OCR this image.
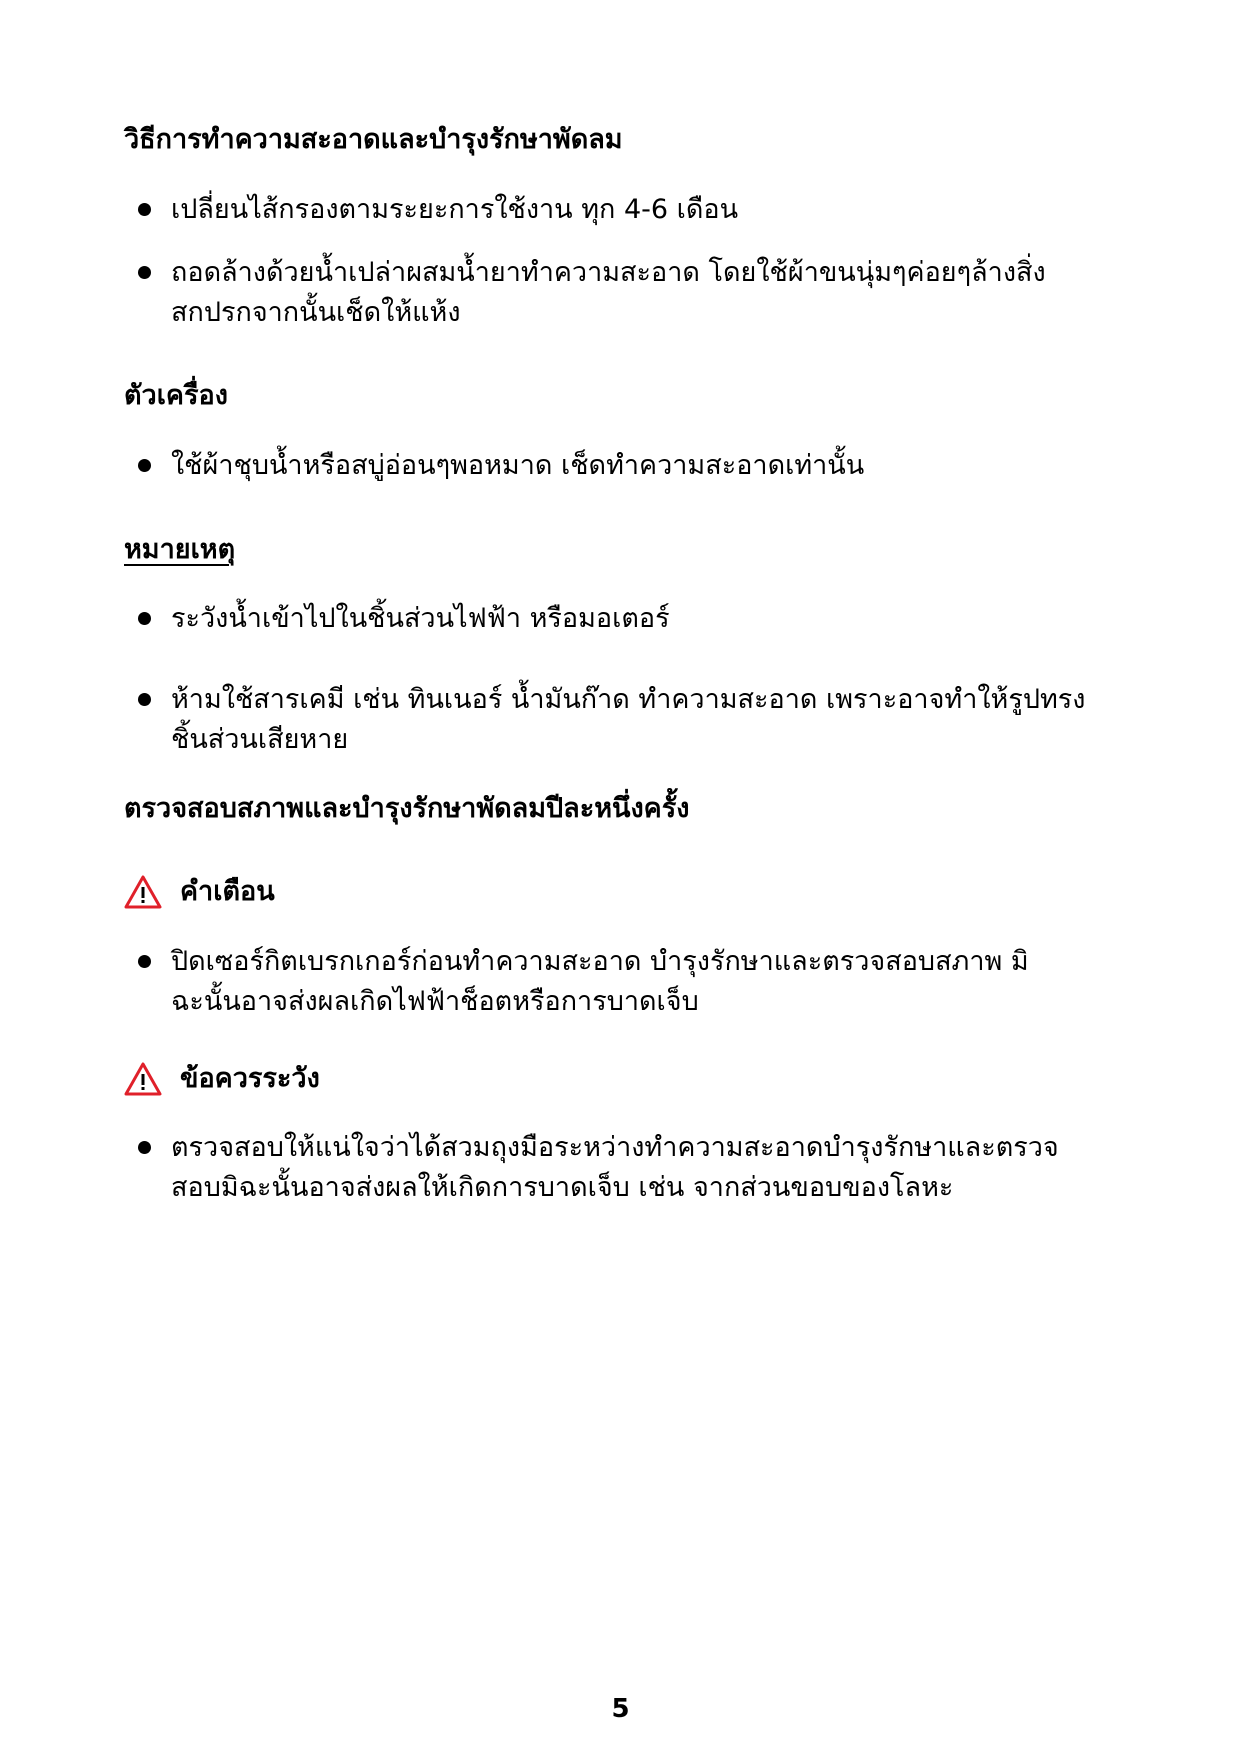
วิธีการทำความสะอาดและบำรุงรักษาพัดลม
เปลี่ยนไส้กรองตามระยะการใช้งาน ทุก 4-6 เดือน
ถอดล้างด้วยน้ำเปล่าผสมน้ำยาทำความสะอาด โดยใช้ผ้าขนนุ่มๆค่อยๆล้างสิ่งสกปรกจากนั้นเช็ดให้แห้ง
ตัวเครื่อง
ใช้ผ้าชุบน้ำหรือสบู่อ่อนๆพอหมาด เช็ดทำความสะอาดเท่านั้น
หมายเหตุ
ระวังน้ำเข้าไปในชิ้นส่วนไฟฟ้า หรือมอเตอร์
ห้ามใช้สารเคมี เช่น ทินเนอร์ น้ำมันก๊าด ทำความสะอาด เพราะอาจทำให้รูปทรงชิ้นส่วนเสียหาย
ตรวจสอบสภาพและบำรุงรักษาพัดลมปีละหนึ่งครั้ง
คำเตือน
ปิดเซอร์กิตเบรกเกอร์ก่อนทำความสะอาด บำรุงรักษาและตรวจสอบสภาพ มิฉะนั้นอาจส่งผลเกิดไฟฟ้าช็อตหรือการบาดเจ็บ
ข้อควรระวัง
ตรวจสอบให้แน่ใจว่าได้สวมถุงมือระหว่างทำความสะอาดบำรุงรักษาและตรวจสอบมิฉะนั้นอาจส่งผลให้เกิดการบาดเจ็บ เช่น จากส่วนขอบของโลหะ
5
